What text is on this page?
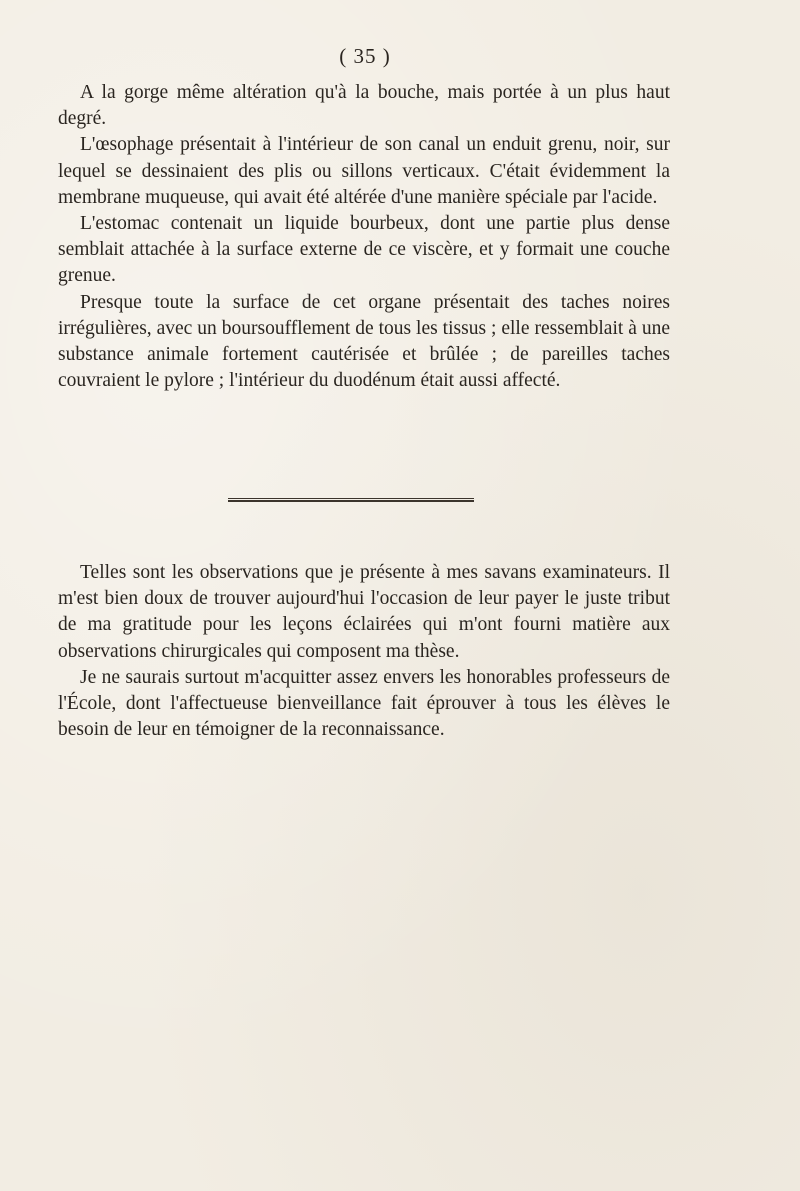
( 35 )

A la gorge même altération qu'à la bouche, mais portée à un plus haut degré.

L'œsophage présentait à l'intérieur de son canal un enduit grenu, noir, sur lequel se dessinaient des plis ou sillons verticaux. C'était évidemment la membrane muqueuse, qui avait été altérée d'une manière spéciale par l'acide.

L'estomac contenait un liquide bourbeux, dont une partie plus dense semblait attachée à la surface externe de ce viscère, et y formait une couche grenue.

Presque toute la surface de cet organe présentait des taches noires irrégulières, avec un boursoufflement de tous les tissus ; elle ressemblait à une substance animale fortement cautérisée et brûlée ; de pareilles taches couvraient le pylore ; l'intérieur du duodénum était aussi affecté.

Telles sont les observations que je présente à mes savans examinateurs. Il m'est bien doux de trouver aujourd'hui l'occasion de leur payer le juste tribut de ma gratitude pour les leçons éclairées qui m'ont fourni matière aux observations chirurgicales qui composent ma thèse.

Je ne saurais surtout m'acquitter assez envers les honorables professeurs de l'École, dont l'affectueuse bienveillance fait éprouver à tous les élèves le besoin de leur en témoigner de la reconnaissance.
